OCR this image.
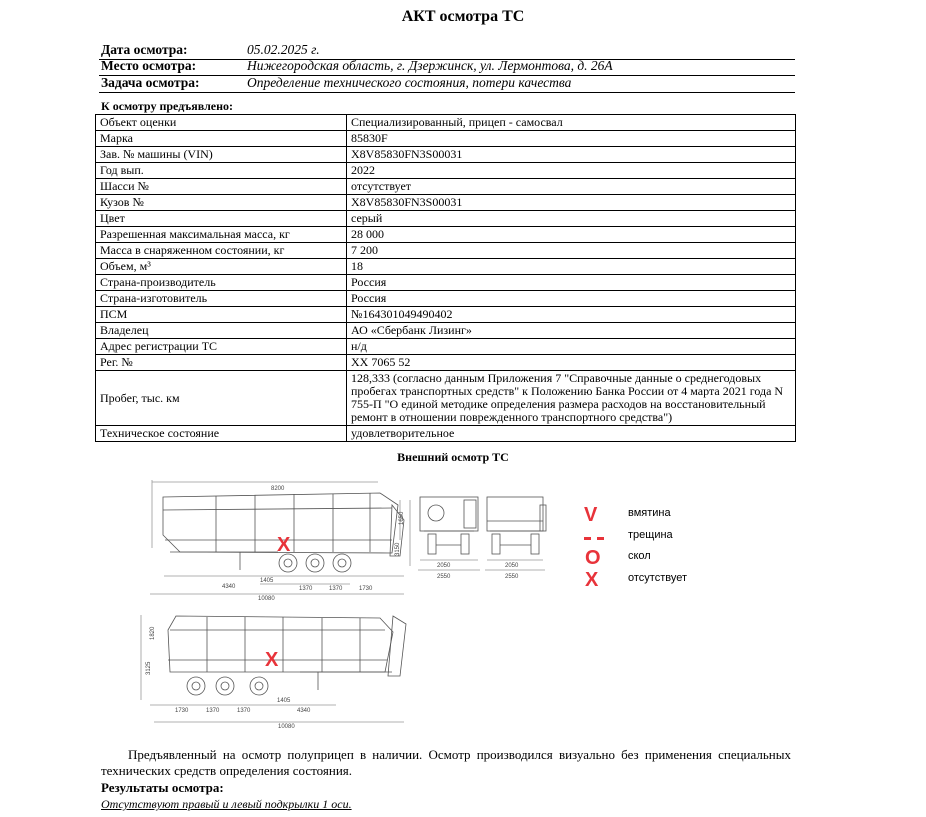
АКТ осмотра ТС
Дата осмотра:	05.02.2025 г.
Место осмотра:	Нижегородская область, г. Дзержинск, ул. Лермонтова, д. 26А
Задача осмотра:	Определение технического состояния, потери качества
К осмотру предъявлено:
Объект оценки	Специализированный, прицеп - самосвал
Марка	85830F
Зав. № машины (VIN)	X8V85830FN3S00031
Год вып.	2022
Шасси №	отсутствует
Кузов №	X8V85830FN3S00031
Цвет	серый
Разрешенная максимальная масса, кг	28 000
Масса в снаряженном состоянии, кг	7 200
Объем, м³	18
Страна-производитель	Россия
Страна-изготовитель	Россия
ПСМ	№164301049490402
Владелец	АО «Сбербанк Лизинг»
Адрес регистрации ТС	н/д
Рег. №	ХХ 7065 52
Пробег, тыс. км	128,333 (согласно данным Приложения 7 "Справочные данные о среднегодовых пробегах транспортных средств" к Положению Банка России от 4 марта 2021 года N 755-П "О единой методике определения размера расходов на восстановительный ремонт в отношении поврежденного транспортного средства")
Техническое состояние	удовлетворительное
Внешний осмотр ТС
8200
1650
3150
4340
1405
1370	1370	1730
10080
X
2050
2550
2050
2550
1820
3125
1730	1370	1370
1405
4340
10080
X
V
O
X
вмятина
трещина
скол
отсутствует
Предъявленный на осмотр полуприцеп в наличии. Осмотр производился визуально без применения специальных технических средств определения состояния.
Результаты осмотра:
Отсутствуют правый и левый подкрылки 1 оси.
